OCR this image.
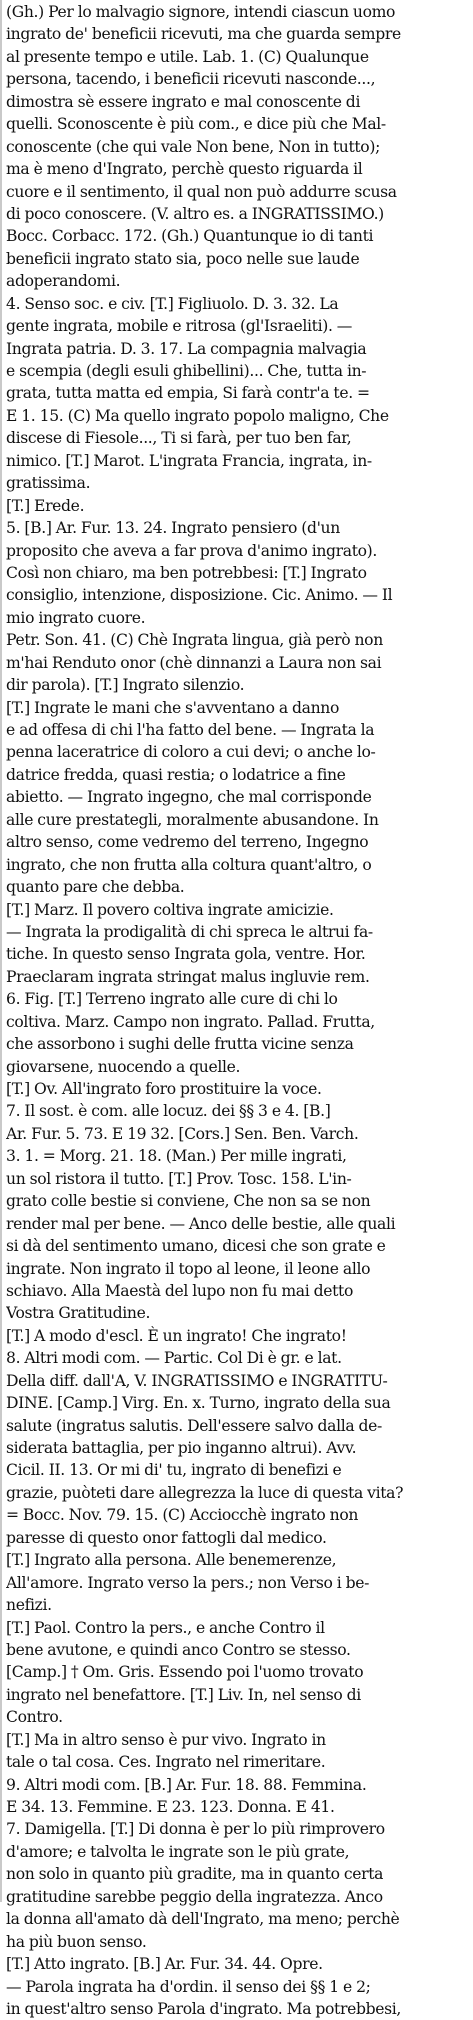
(Gh.) Per lo malvagio signore, intendi ciascun uomo
ingrato de' beneficii ricevuti, ma che guarda sempre
al presente tempo e utile. Lab. 1. (C) Qualunque
persona, tacendo, i beneficii ricevuti nasconde...,
dimostra sè essere ingrato e mal conoscente di
quelli. Sconoscente è più com., e dice più che Mal-
conoscente (che qui vale Non bene, Non in tutto);
ma è meno d'Ingrato, perchè questo riguarda il
cuore e il sentimento, il qual non può addurre scusa
di poco conoscere. (V. altro es. a INGRATISSIMO.)
Bocc. Corbacc. 172. (Gh.) Quantunque io di tanti
beneficii ingrato stato sia, poco nelle sue laude
adoperandomi.
4. Senso soc. e civ. [T.] Figliuolo. D. 3. 32. La
gente ingrata, mobile e ritrosa (gl'Israeliti). —
Ingrata patria. D. 3. 17. La compagnia malvagia
e scempia (degli esuli ghibellini)... Che, tutta in-
grata, tutta matta ed empia, Si farà contr'a te. =
E 1. 15. (C) Ma quello ingrato popolo maligno, Che
discese di Fiesole..., Ti si farà, per tuo ben far,
nimico. [T.] Marot. L'ingrata Francia, ingrata, in-
gratissima.
[T.] Erede.
5. [B.] Ar. Fur. 13. 24. Ingrato pensiero (d'un
proposito che aveva a far prova d'animo ingrato).
Così non chiaro, ma ben potrebbesi: [T.] Ingrato
consiglio, intenzione, disposizione. Cic. Animo. — Il
mio ingrato cuore.
Petr. Son. 41. (C) Chè Ingrata lingua, già però non
m'hai Renduto onor (chè dinnanzi a Laura non sai
dir parola). [T.] Ingrato silenzio.
[T.] Ingrate le mani che s'avventano a danno
e ad offesa di chi l'ha fatto del bene. — Ingrata la
penna laceratrice di coloro a cui devi; o anche lo-
datrice fredda, quasi restia; o lodatrice a fine
abietto. — Ingrato ingegno, che mal corrisponde
alle cure prestategli, moralmente abusandone. In
altro senso, come vedremo del terreno, Ingegno
ingrato, che non frutta alla coltura quant'altro, o
quanto pare che debba.
[T.] Marz. Il povero coltiva ingrate amicizie.
— Ingrata la prodigalità di chi spreca le altrui fa-
tiche. In questo senso Ingrata gola, ventre. Hor.
Praeclaram ingrata stringat malus ingluvie rem.
6. Fig. [T.] Terreno ingrato alle cure di chi lo
coltiva. Marz. Campo non ingrato. Pallad. Frutta,
che assorbono i sughi delle frutta vicine senza
giovarsene, nuocendo a quelle.
[T.] Ov. All'ingrato foro prostituire la voce.
7. Il sost. è com. alle locuz. dei §§ 3 e 4. [B.]
Ar. Fur. 5. 73. E 19 32. [Cors.] Sen. Ben. Varch.
3. 1. = Morg. 21. 18. (Man.) Per mille ingrati,
un sol ristora il tutto. [T.] Prov. Tosc. 158. L'in-
grato colle bestie si conviene, Che non sa se non
render mal per bene. — Anco delle bestie, alle quali
si dà del sentimento umano, dicesi che son grate e
ingrate. Non ingrato il topo al leone, il leone allo
schiavo. Alla Maestà del lupo non fu mai detto
Vostra Gratitudine.
[T.] A modo d'escl. È un ingrato! Che ingrato!
8. Altri modi com. — Partic. Col Di è gr. e lat.
Della diff. dall'A, V. INGRATISSIMO e INGRATITU-
DINE. [Camp.] Virg. En. x. Turno, ingrato della sua
salute (ingratus salutis. Dell'essere salvo dalla de-
siderata battaglia, per pio inganno altrui). Avv.
Cicil. II. 13. Or mi di' tu, ingrato di benefizi e
grazie, puòteti dare allegrezza la luce di questa vita?
= Bocc. Nov. 79. 15. (C) Acciocchè ingrato non
paresse di questo onor fattogli dal medico.
[T.] Ingrato alla persona. Alle benemerenze,
All'amore. Ingrato verso la pers.; non Verso i be-
nefizi.
[T.] Paol. Contro la pers., e anche Contro il
bene avutone, e quindi anco Contro se stesso.
[Camp.] † Om. Gris. Essendo poi l'uomo trovato
ingrato nel benefattore. [T.] Liv. In, nel senso di
Contro.
[T.] Ma in altro senso è pur vivo. Ingrato in
tale o tal cosa. Ces. Ingrato nel rimeritare.
9. Altri modi com. [B.] Ar. Fur. 18. 88. Femmina.
E 34. 13. Femmine. E 23. 123. Donna. E 41.
7. Damigella. [T.] Di donna è per lo più rimprovero
d'amore; e talvolta le ingrate son le più grate,
non solo in quanto più gradite, ma in quanto certa
gratitudine sarebbe peggio della ingratezza. Anco
la donna all'amato dà dell'Ingrato, ma meno; perchè
ha più buon senso.
[T.] Atto ingrato. [B.] Ar. Fur. 34. 44. Opre.
— Parola ingrata ha d'ordin. il senso dei §§ 1 e 2;
in quest'altro senso Parola d'ingrato. Ma potrebbesi,
